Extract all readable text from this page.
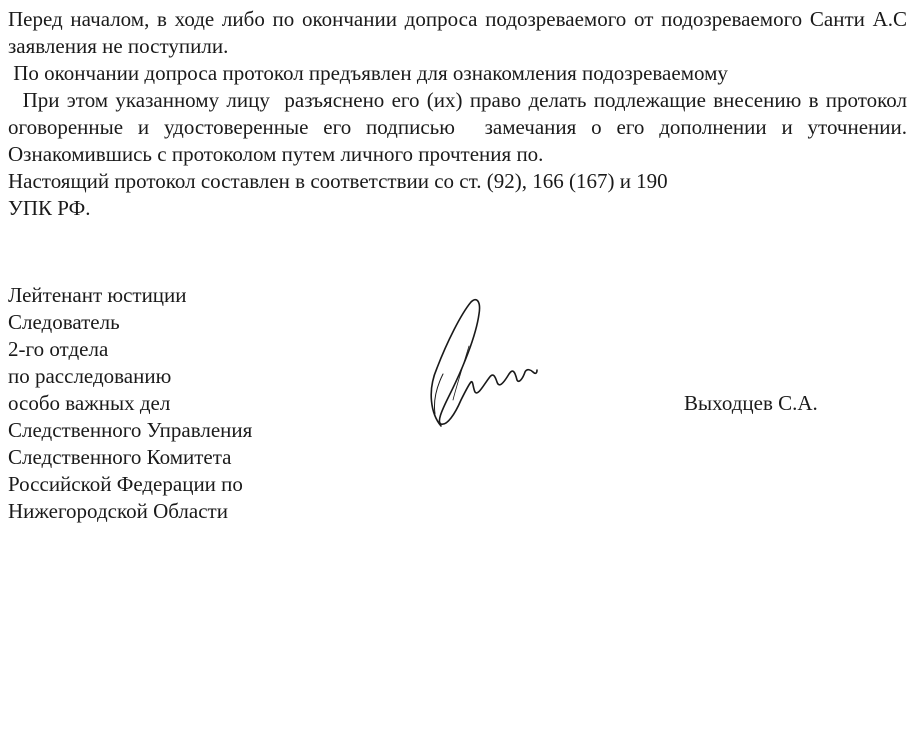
Перед началом, в ходе либо по окончании допроса подозреваемого от подозреваемого Санти А.С заявления не поступили.

По окончании допроса протокол предъявлен для ознакомления подозреваемому

При этом указанному лицу  разъяснено его (их) право делать подлежащие внесению в протокол оговоренные и удостоверенные его подписью  замечания о его дополнении и уточнении. Ознакомившись с протоколом путем личного прочтения по.

Настоящий протокол составлен в соответствии со ст. (92), 166 (167) и 190

УПК РФ.

Лейтенант юстиции
Следователь
2-го отдела
по расследованию
особо важных дел
Следственного Управления
Следственного Комитета
Российской Федерации по
Нижегородской Области
Выходцев С.А.
